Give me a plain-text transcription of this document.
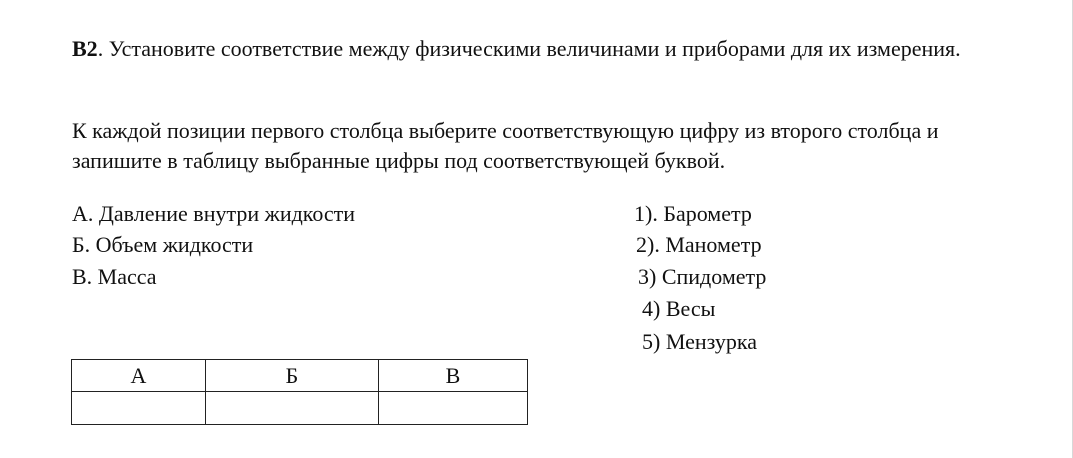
В2. Установите соответствие между физическими величинами и приборами для их измерения.

К каждой позиции первого столбца выберите соответствующую цифру из второго столбца и запишите в таблицу выбранные цифры под соответствующей буквой.

А. Давление внутри жидкости
Б. Объем жидкости
В. Масса
1). Барометр
2). Манометр
3) Спидометр
4) Весы
5) Мензурка
А	Б	В
